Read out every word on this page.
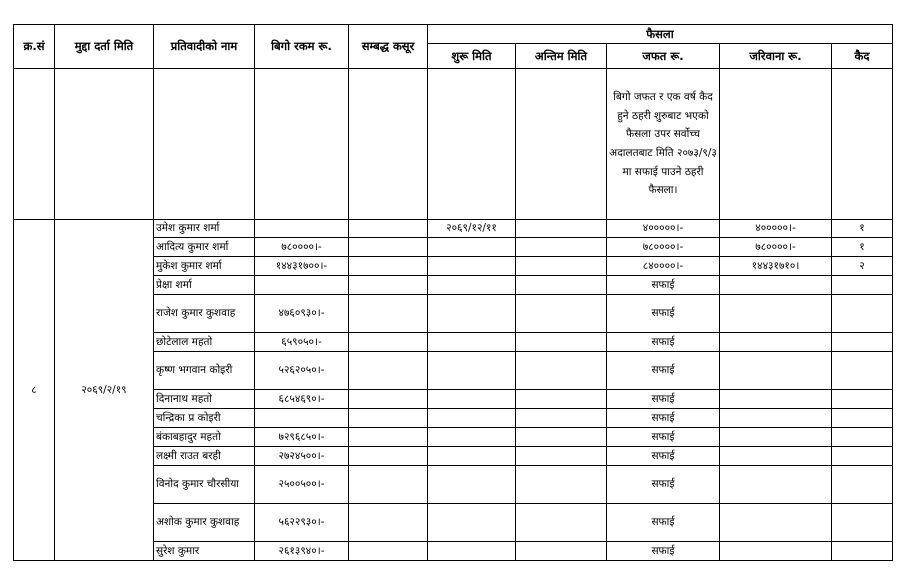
क्र.सं	मुद्दा दर्ता मिति	प्रतिवादीको नाम	बिगो रकम रू.	सम्बद्ध कसूर	फैसला				
					शुरू मिति	अन्तिम मिति	जफत रू.	जरिवाना रू.	कैद
							बिगो जफत र एक वर्ष कैद हुने ठहरी शुरुबाट भएको फैसला उपर सर्वोच्च अदालतबाट मिति २०७३/९/३ मा सफाई पाउने ठहरी फैसला।		
८	२०६९/२/१९	उमेश कुमार शर्मा			२०६९/१२/११		४०००००।-	४०००००।-	१
		आदित्य कुमार शर्मा	७८००००।-				७८००००।-	७८००००।-	१
		मुकेश कुमार शर्मा	१४४३१७००।-				८४००००।-	१४४३१७१०।	२
		प्रेक्षा शर्मा					सफाई		
		राजेश कुमार कुशवाह	४७६०९३०।-				सफाई		
		छोटेलाल महतो	६५९०५०।-				सफाई		
		कृष्ण भगवान कोइरी	५२६२०५०।-				सफाई		
		दिनानाथ महतो	६८५४६९०।-				सफाई		
		चन्द्रिका प्र कोइरी					सफाई		
		बंकाबहादुर महतो	७२९६८५०।-				सफाई		
		लक्ष्मी राउत बरही	२७२४५००।-				सफाई		
		विनोद कुमार चौरसीया	२५००५००।-				सफाई		
		अशोक कुमार कुशवाह	५६२२९३०।-				सफाई		
		सुरेश कुमार	२६१३९४०।-				सफाई		
